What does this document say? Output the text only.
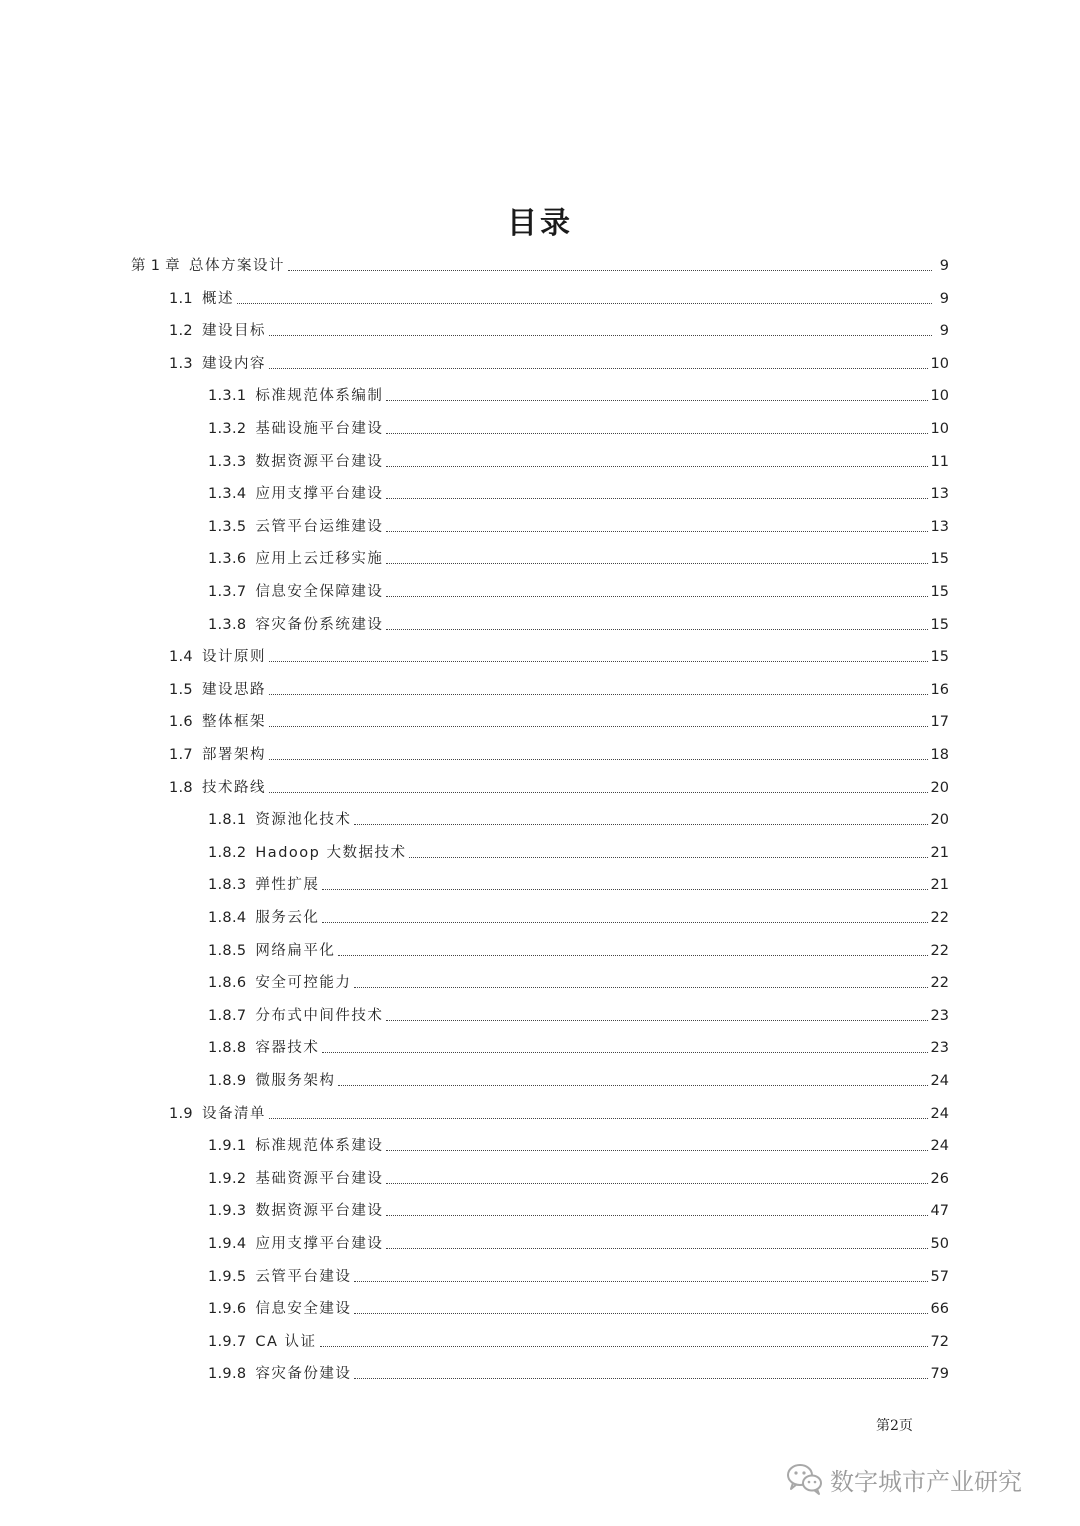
目录
第 1 章 总体方案设计	9
1.1 概述	9
1.2 建设目标	9
1.3 建设内容	10
1.3.1 标准规范体系编制	10
1.3.2 基础设施平台建设	10
1.3.3 数据资源平台建设	11
1.3.4 应用支撑平台建设	13
1.3.5 云管平台运维建设	13
1.3.6 应用上云迁移实施	15
1.3.7 信息安全保障建设	15
1.3.8 容灾备份系统建设	15
1.4 设计原则	15
1.5 建设思路	16
1.6 整体框架	17
1.7 部署架构	18
1.8 技术路线	20
1.8.1 资源池化技术	20
1.8.2 Hadoop 大数据技术	21
1.8.3 弹性扩展	21
1.8.4 服务云化	22
1.8.5 网络扁平化	22
1.8.6 安全可控能力	22
1.8.7 分布式中间件技术	23
1.8.8 容器技术	23
1.8.9 微服务架构	24
1.9 设备清单	24
1.9.1 标准规范体系建设	24
1.9.2 基础资源平台建设	26
1.9.3 数据资源平台建设	47
1.9.4 应用支撑平台建设	50
1.9.5 云管平台建设	57
1.9.6 信息安全建设	66
1.9.7 CA 认证	72
1.9.8 容灾备份建设	79
第2页
数字城市产业研究
